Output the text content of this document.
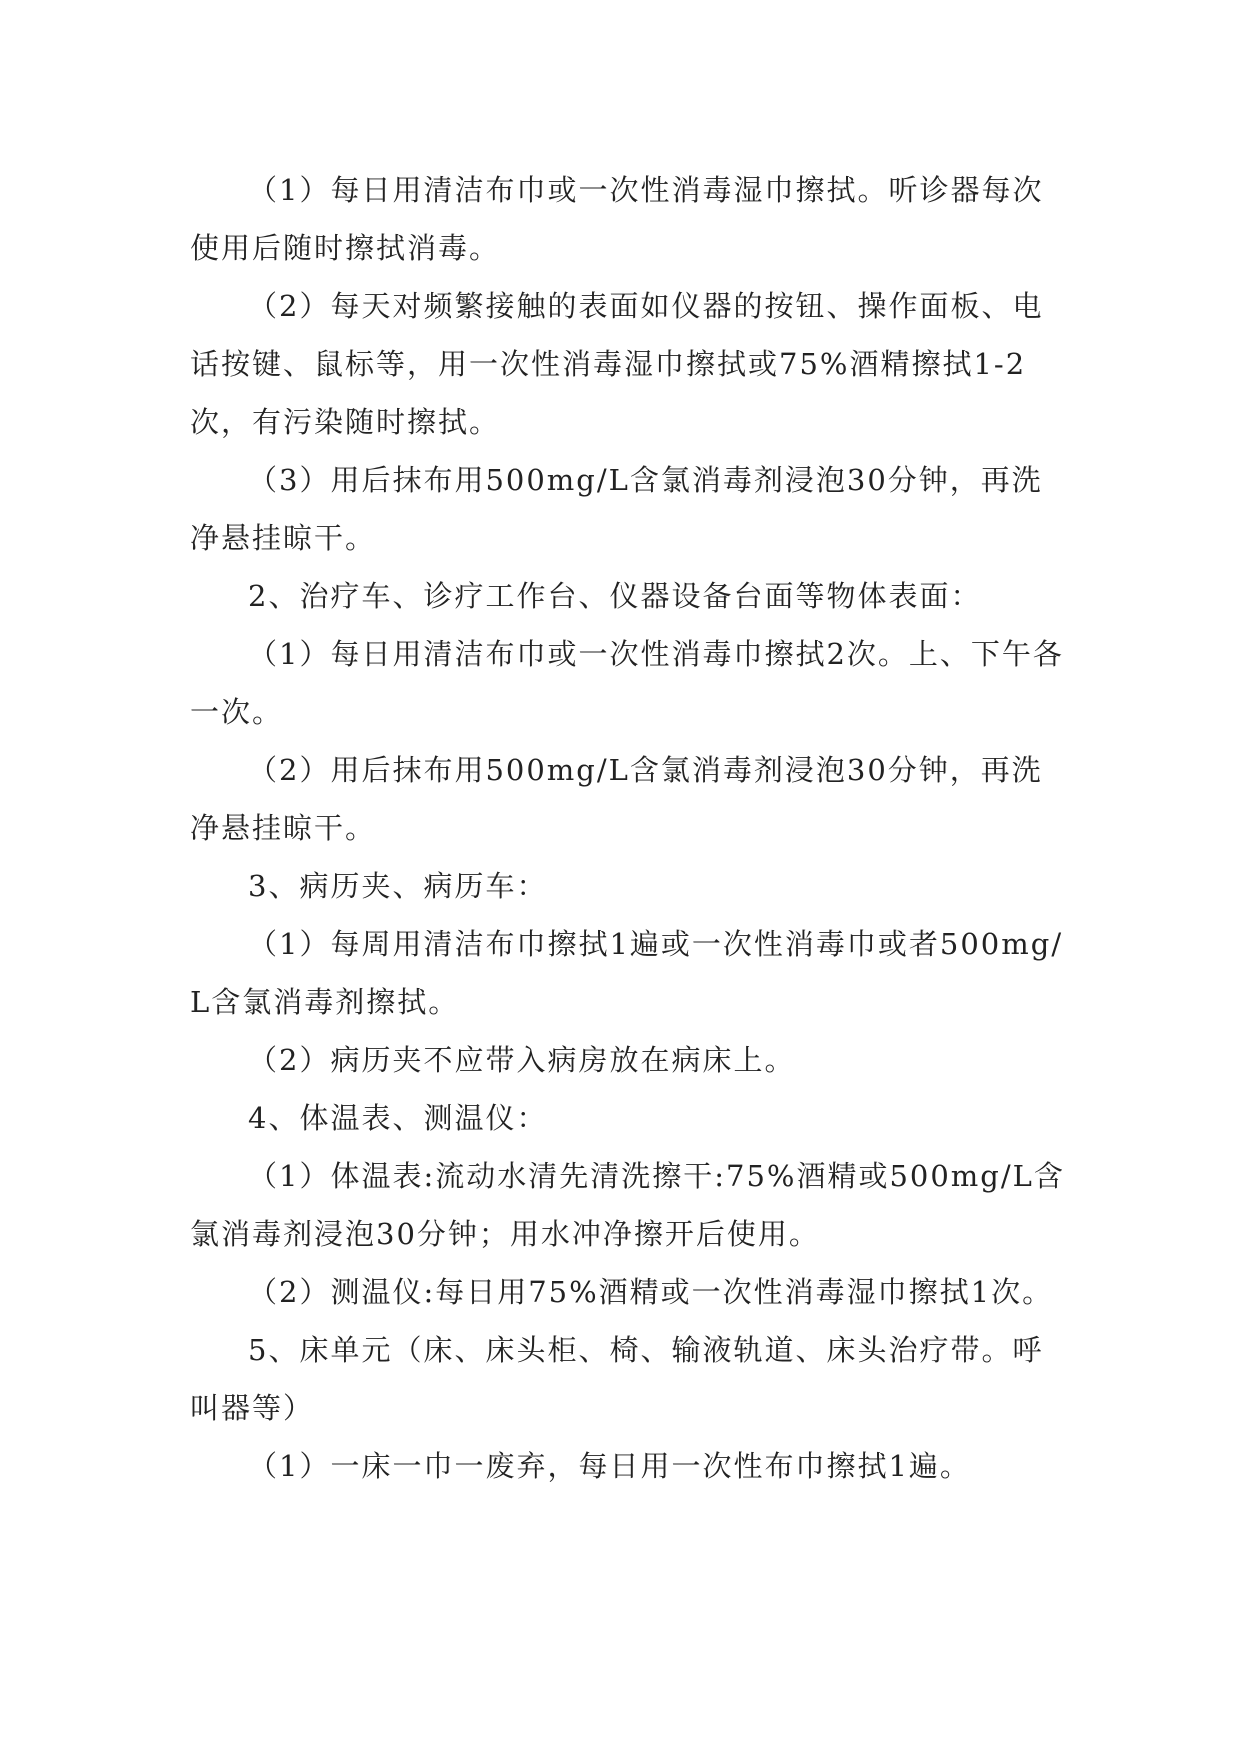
（1）每日用清洁布巾或一次性消毒湿巾擦拭。听诊器每次使用后随时擦拭消毒。

（2）每天对频繁接触的表面如仪器的按钮、操作面板、电话按键、鼠标等，用一次性消毒湿巾擦拭或75%酒精擦拭1-2次，有污染随时擦拭。

（3）用后抹布用500mg/L含氯消毒剂浸泡30分钟，再洗净悬挂晾干。

2、治疗车、诊疗工作台、仪器设备台面等物体表面：

（1）每日用清洁布巾或一次性消毒巾擦拭2次。上、下午各一次。

（2）用后抹布用500mg/L含氯消毒剂浸泡30分钟，再洗净悬挂晾干。

3、病历夹、病历车：

（1）每周用清洁布巾擦拭1遍或一次性消毒巾或者500mg/L含氯消毒剂擦拭。

（2）病历夹不应带入病房放在病床上。

4、体温表、测温仪：

（1）体温表:流动水清先清洗擦干:75%酒精或500mg/L含氯消毒剂浸泡30分钟；用水冲净擦开后使用。

（2）测温仪:每日用75%酒精或一次性消毒湿巾擦拭1次。

5、床单元（床、床头柜、椅、输液轨道、床头治疗带。呼叫器等）

（1）一床一巾一废弃，每日用一次性布巾擦拭1遍。
